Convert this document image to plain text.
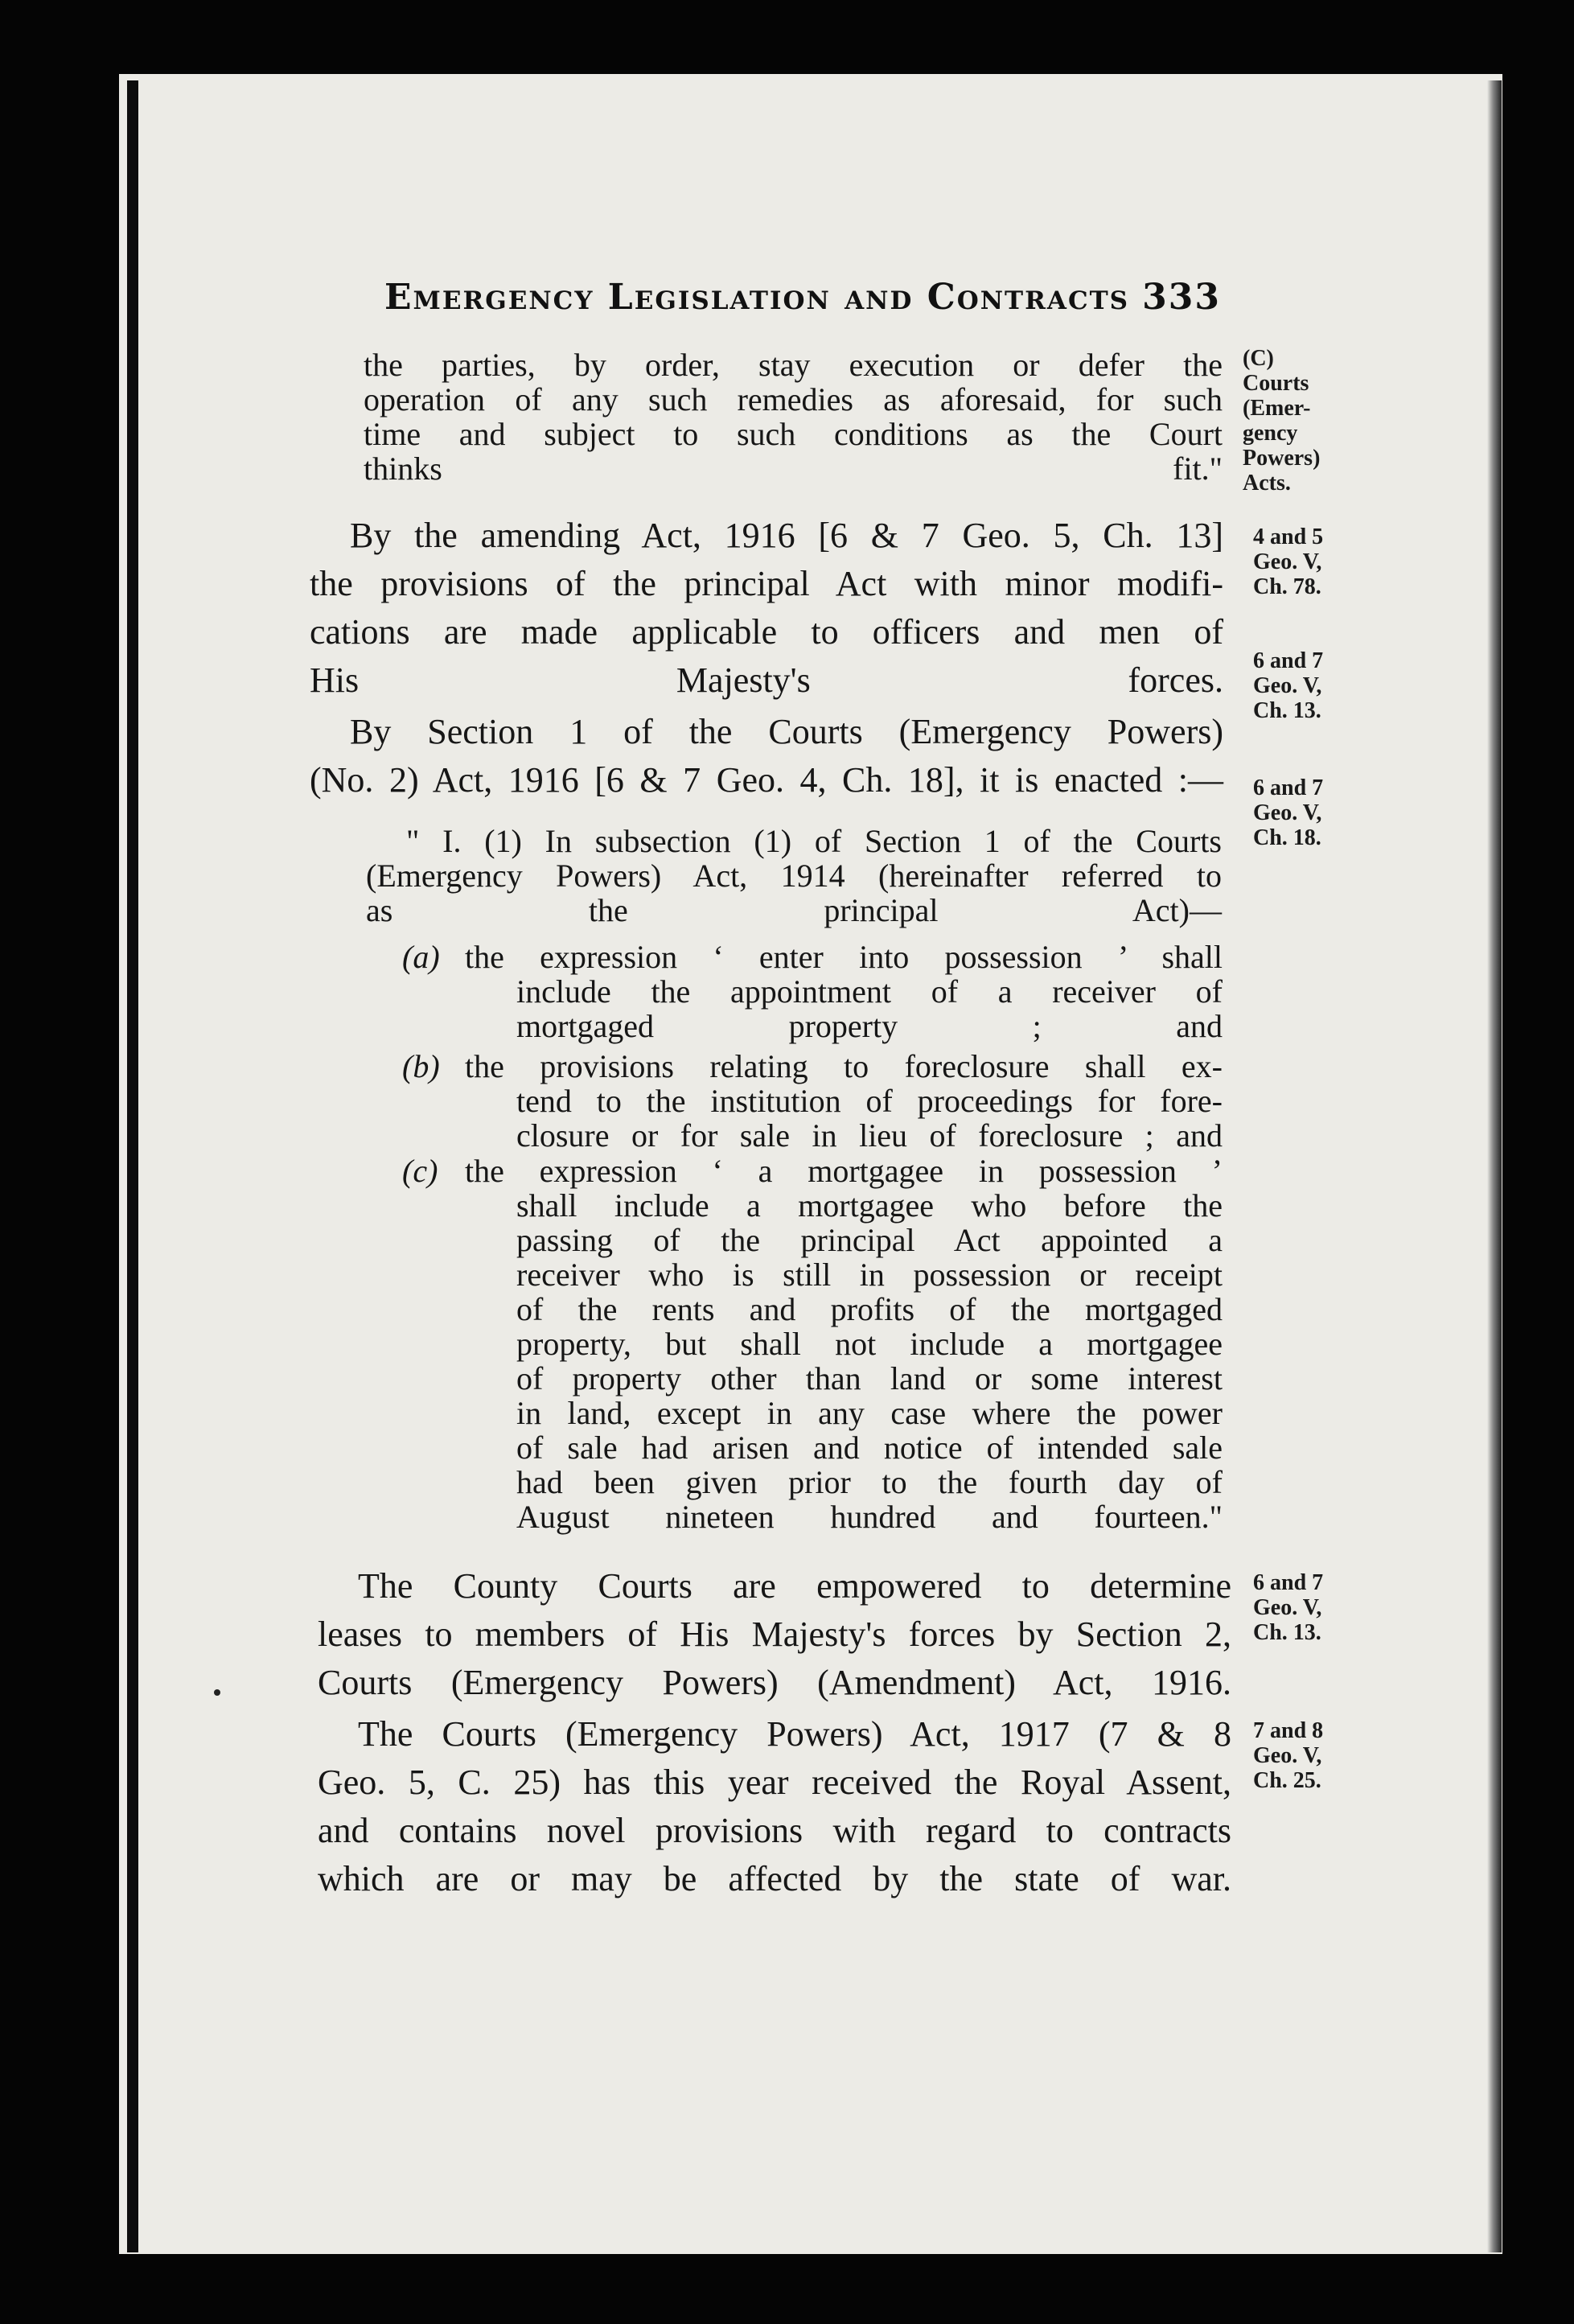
Emergency Legislation and Contracts 333
the parties, by order, stay execution or defer the
operation of any such remedies as aforesaid, for such
time and subject to such conditions as the Court
thinks fit."
By the amending Act, 1916 [6 & 7 Geo. 5, Ch. 13]
the provisions of the principal Act with minor modifi-
cations are made applicable to officers and men of
His Majesty's forces.
By Section 1 of the Courts (Emergency Powers)
(No. 2) Act, 1916 [6 & 7 Geo. 4, Ch. 18], it is enacted :—
" I. (1) In subsection (1) of Section 1 of the Courts
(Emergency Powers) Act, 1914 (hereinafter referred to
as the principal Act)—
(a) the expression ‘ enter into possession ’ shall
include the appointment of a receiver of
mortgaged property ; and
(b) the provisions relating to foreclosure shall ex-
tend to the institution of proceedings for fore-
closure or for sale in lieu of foreclosure ; and
(c) the expression ‘ a mortgagee in possession ’
shall include a mortgagee who before the
passing of the principal Act appointed a
receiver who is still in possession or receipt
of the rents and profits of the mortgaged
property, but shall not include a mortgagee
of property other than land or some interest
in land, except in any case where the power
of sale had arisen and notice of intended sale
had been given prior to the fourth day of
August nineteen hundred and fourteen."
The County Courts are empowered to determine
leases to members of His Majesty's forces by Section 2,
Courts (Emergency Powers) (Amendment) Act, 1916.
The Courts (Emergency Powers) Act, 1917 (7 & 8
Geo. 5, C. 25) has this year received the Royal Assent,
and contains novel provisions with regard to contracts
which are or may be affected by the state of war.
(C)
Courts
(Emer-
gency
Powers)
Acts.
4 and 5
Geo. V,
Ch. 78.
6 and 7
Geo. V,
Ch. 13.
6 and 7
Geo. V,
Ch. 18.
6 and 7
Geo. V,
Ch. 13.
7 and 8
Geo. V,
Ch. 25.
